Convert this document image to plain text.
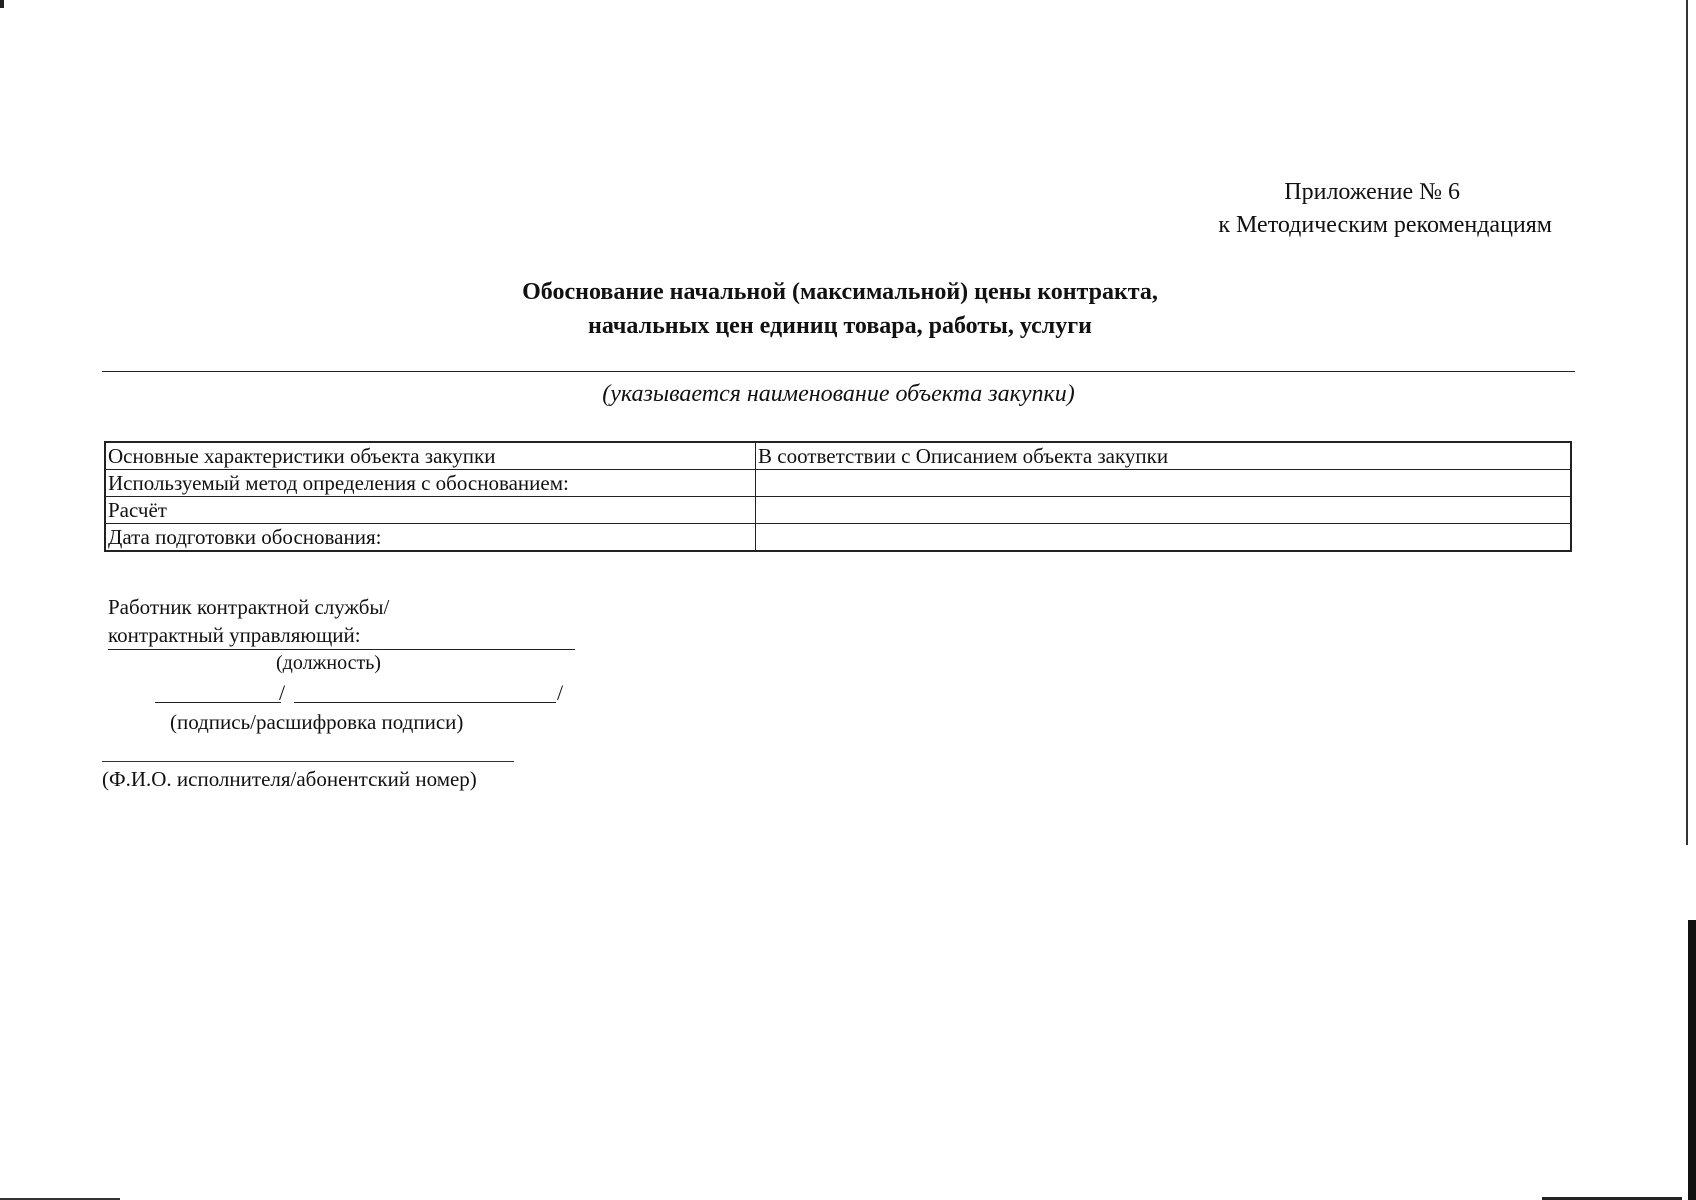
Приложение № 6
к Методическим рекомендациям
Обоснование начальной (максимальной) цены контракта,
начальных цен единиц товара, работы, услуги
(указывается наименование объекта закупки)
Основные характеристики объекта закупки	В соответствии с Описанием объекта закупки
Используемый метод определения с обоснованием:	
Расчёт	
Дата подготовки обоснования:	
Работник контрактной службы/
контрактный управляющий:
(должность)
/	/
(подпись/расшифровка подписи)
(Ф.И.О. исполнителя/абонентский номер)
